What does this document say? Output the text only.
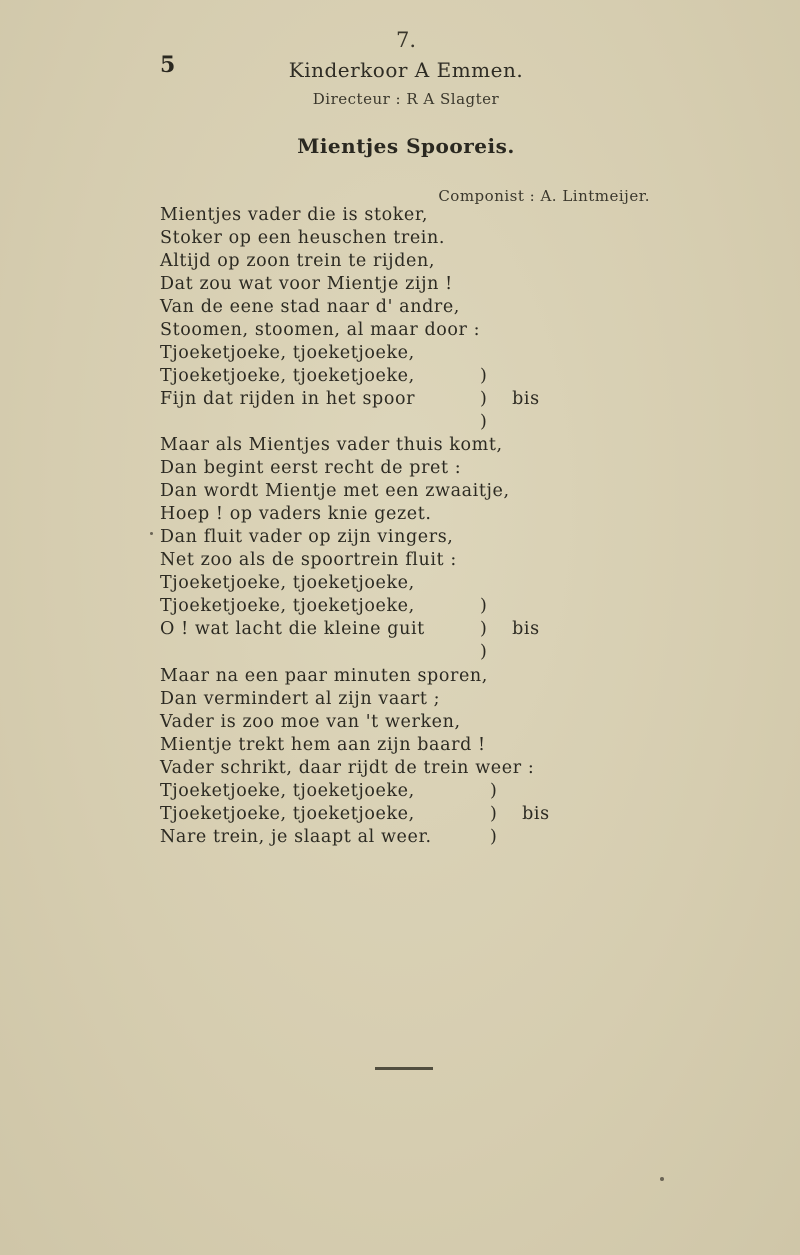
7.
5	Kinderkoor A Emmen.
Directeur : R A Slagter
Mientjes Spooreis.
Componist : A. Lintmeijer.
Mientjes vader die is stoker,
Stoker op een heuschen trein.
Altijd op zoon trein te rijden,
Dat zou wat voor Mientje zijn !
Van de eene stad naar d' andre,
Stoomen, stoomen, al maar door :
Tjoeketjoeke, tjoeketjoeke,
Tjoeketjoeke, tjoeketjoeke,
Fijn dat rijden in het spoor
)
)    bis
)
Maar als Mientjes vader thuis komt,
Dan begint eerst recht de pret :
Dan wordt Mientje met een zwaaitje,
Hoep ! op vaders knie gezet.
Dan fluit vader op zijn vingers,
Net zoo als de spoortrein fluit :
Tjoeketjoeke, tjoeketjoeke,
Tjoeketjoeke, tjoeketjoeke,
O ! wat lacht die kleine guit
)
)    bis
)
Maar na een paar minuten sporen,
Dan vermindert al zijn vaart ;
Vader is zoo moe van 't werken,
Mientje trekt hem aan zijn baard !
Vader schrikt, daar rijdt de trein weer :
Tjoeketjoeke, tjoeketjoeke,
Tjoeketjoeke, tjoeketjoeke,
Nare trein, je slaapt al weer.
)
)    bis
)
